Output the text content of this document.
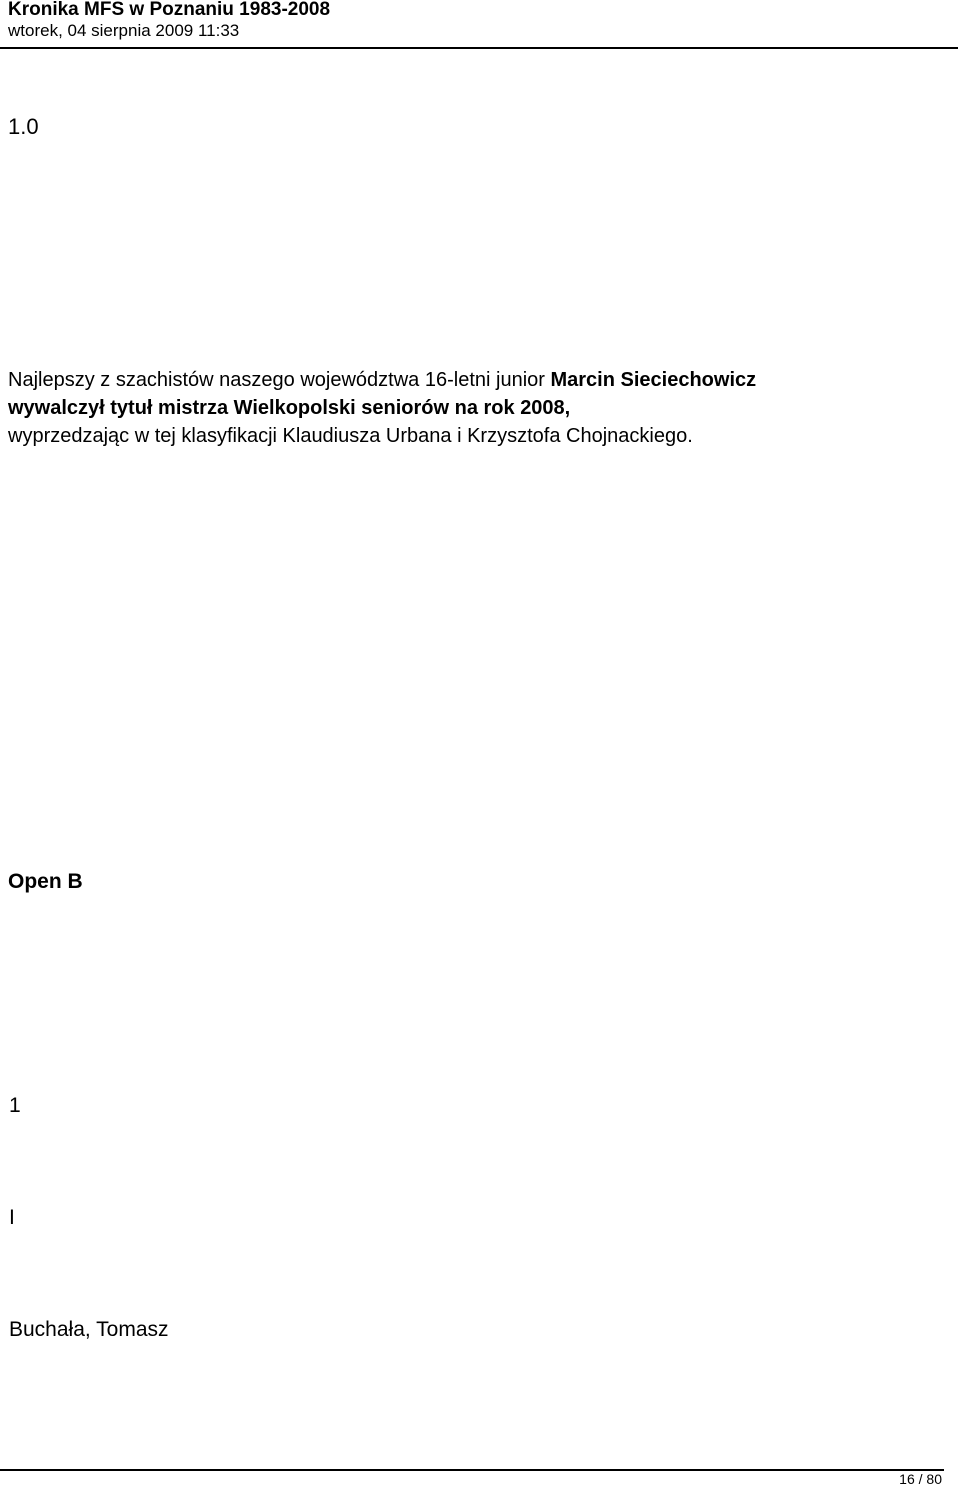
Kronika MFS w Poznaniu 1983-2008
wtorek, 04 sierpnia 2009 11:33
1.0
Najlepszy z szachistów naszego województwa 16-letni junior Marcin Sieciechowicz
wywalczył tytuł mistrza Wielkopolski seniorów na rok 2008,
wyprzedzając w tej klasyfikacji Klaudiusza Urbana i Krzysztofa Chojnackiego.
Open B
1
I
Buchała, Tomasz
16 / 80
